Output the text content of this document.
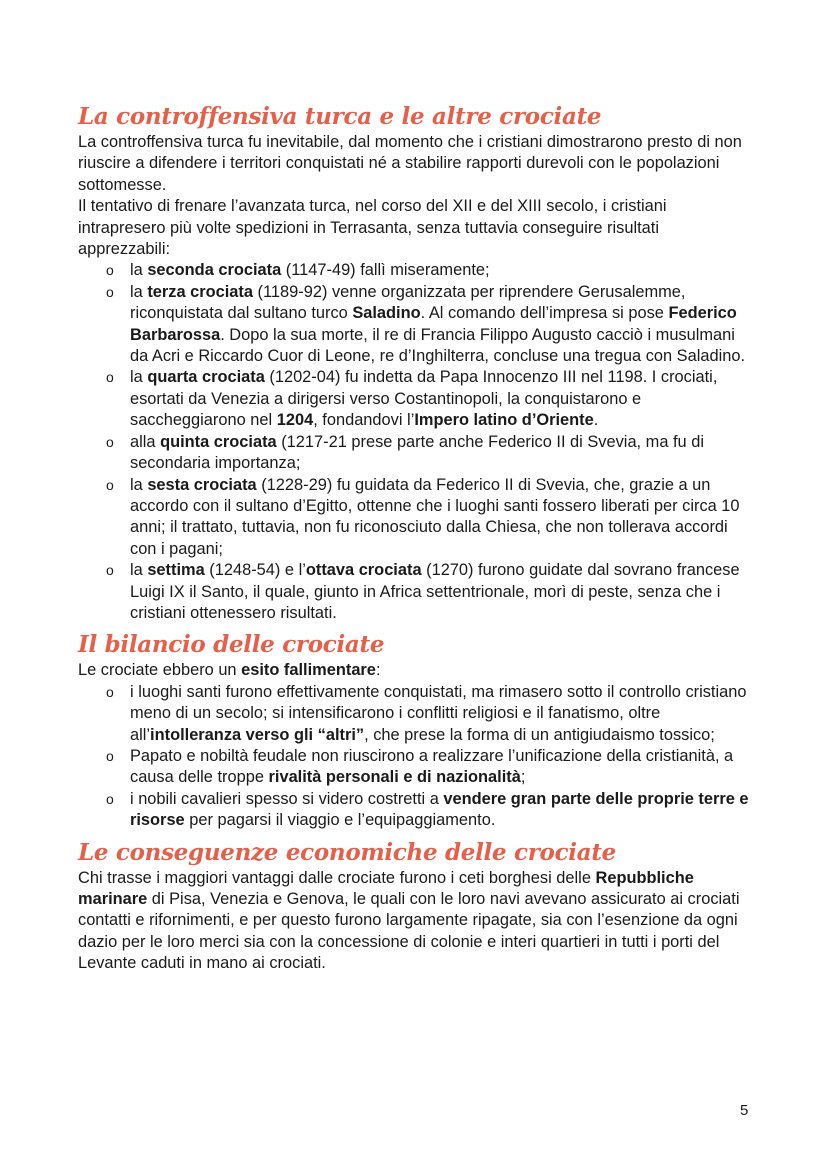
La controffensiva turca e le altre crociate
La controffensiva turca fu inevitabile, dal momento che i cristiani dimostrarono presto di non riuscire a difendere i territori conquistati né a stabilire rapporti durevoli con le popolazioni sottomesse.
Il tentativo di frenare l’avanzata turca, nel corso del XII e del XIII secolo, i cristiani intrapresero più volte spedizioni in Terrasanta, senza tuttavia conseguire risultati apprezzabili:
o la seconda crociata (1147-49) fallì miseramente;
o la terza crociata (1189-92) venne organizzata per riprendere Gerusalemme, riconquistata dal sultano turco Saladino. Al comando dell’impresa si pose Federico Barbarossa. Dopo la sua morte, il re di Francia Filippo Augusto cacciò i musulmani da Acri e Riccardo Cuor di Leone, re d’Inghilterra, concluse una tregua con Saladino.
o la quarta crociata (1202-04) fu indetta da Papa Innocenzo III nel 1198. I crociati, esortati da Venezia a dirigersi verso Costantinopoli, la conquistarono e saccheggiarono nel 1204, fondandovi l’Impero latino d’Oriente.
o alla quinta crociata (1217-21 prese parte anche Federico II di Svevia, ma fu di secondaria importanza;
o la sesta crociata (1228-29) fu guidata da Federico II di Svevia, che, grazie a un accordo con il sultano d’Egitto, ottenne che i luoghi santi fossero liberati per circa 10 anni; il trattato, tuttavia, non fu riconosciuto dalla Chiesa, che non tollerava accordi con i pagani;
o la settima (1248-54) e l’ottava crociata (1270) furono guidate dal sovrano francese Luigi IX il Santo, il quale, giunto in Africa settentrionale, morì di peste, senza che i cristiani ottenessero risultati.
Il bilancio delle crociate
Le crociate ebbero un esito fallimentare:
o i luoghi santi furono effettivamente conquistati, ma rimasero sotto il controllo cristiano meno di un secolo; si intensificarono i conflitti religiosi e il fanatismo, oltre all’intolleranza verso gli “altri”, che prese la forma di un antigiudaismo tossico;
o Papato e nobiltà feudale non riuscirono a realizzare l’unificazione della cristianità, a causa delle troppe rivalità personali e di nazionalità;
o i nobili cavalieri spesso si videro costretti a vendere gran parte delle proprie terre e risorse per pagarsi il viaggio e l’equipaggiamento.
Le conseguenze economiche delle crociate
Chi trasse i maggiori vantaggi dalle crociate furono i ceti borghesi delle Repubbliche marinare di Pisa, Venezia e Genova, le quali con le loro navi avevano assicurato ai crociati contatti e rifornimenti, e per questo furono largamente ripagate, sia con l’esenzione da ogni dazio per le loro merci sia con la concessione di colonie e interi quartieri in tutti i porti del Levante caduti in mano ai crociati.
5
